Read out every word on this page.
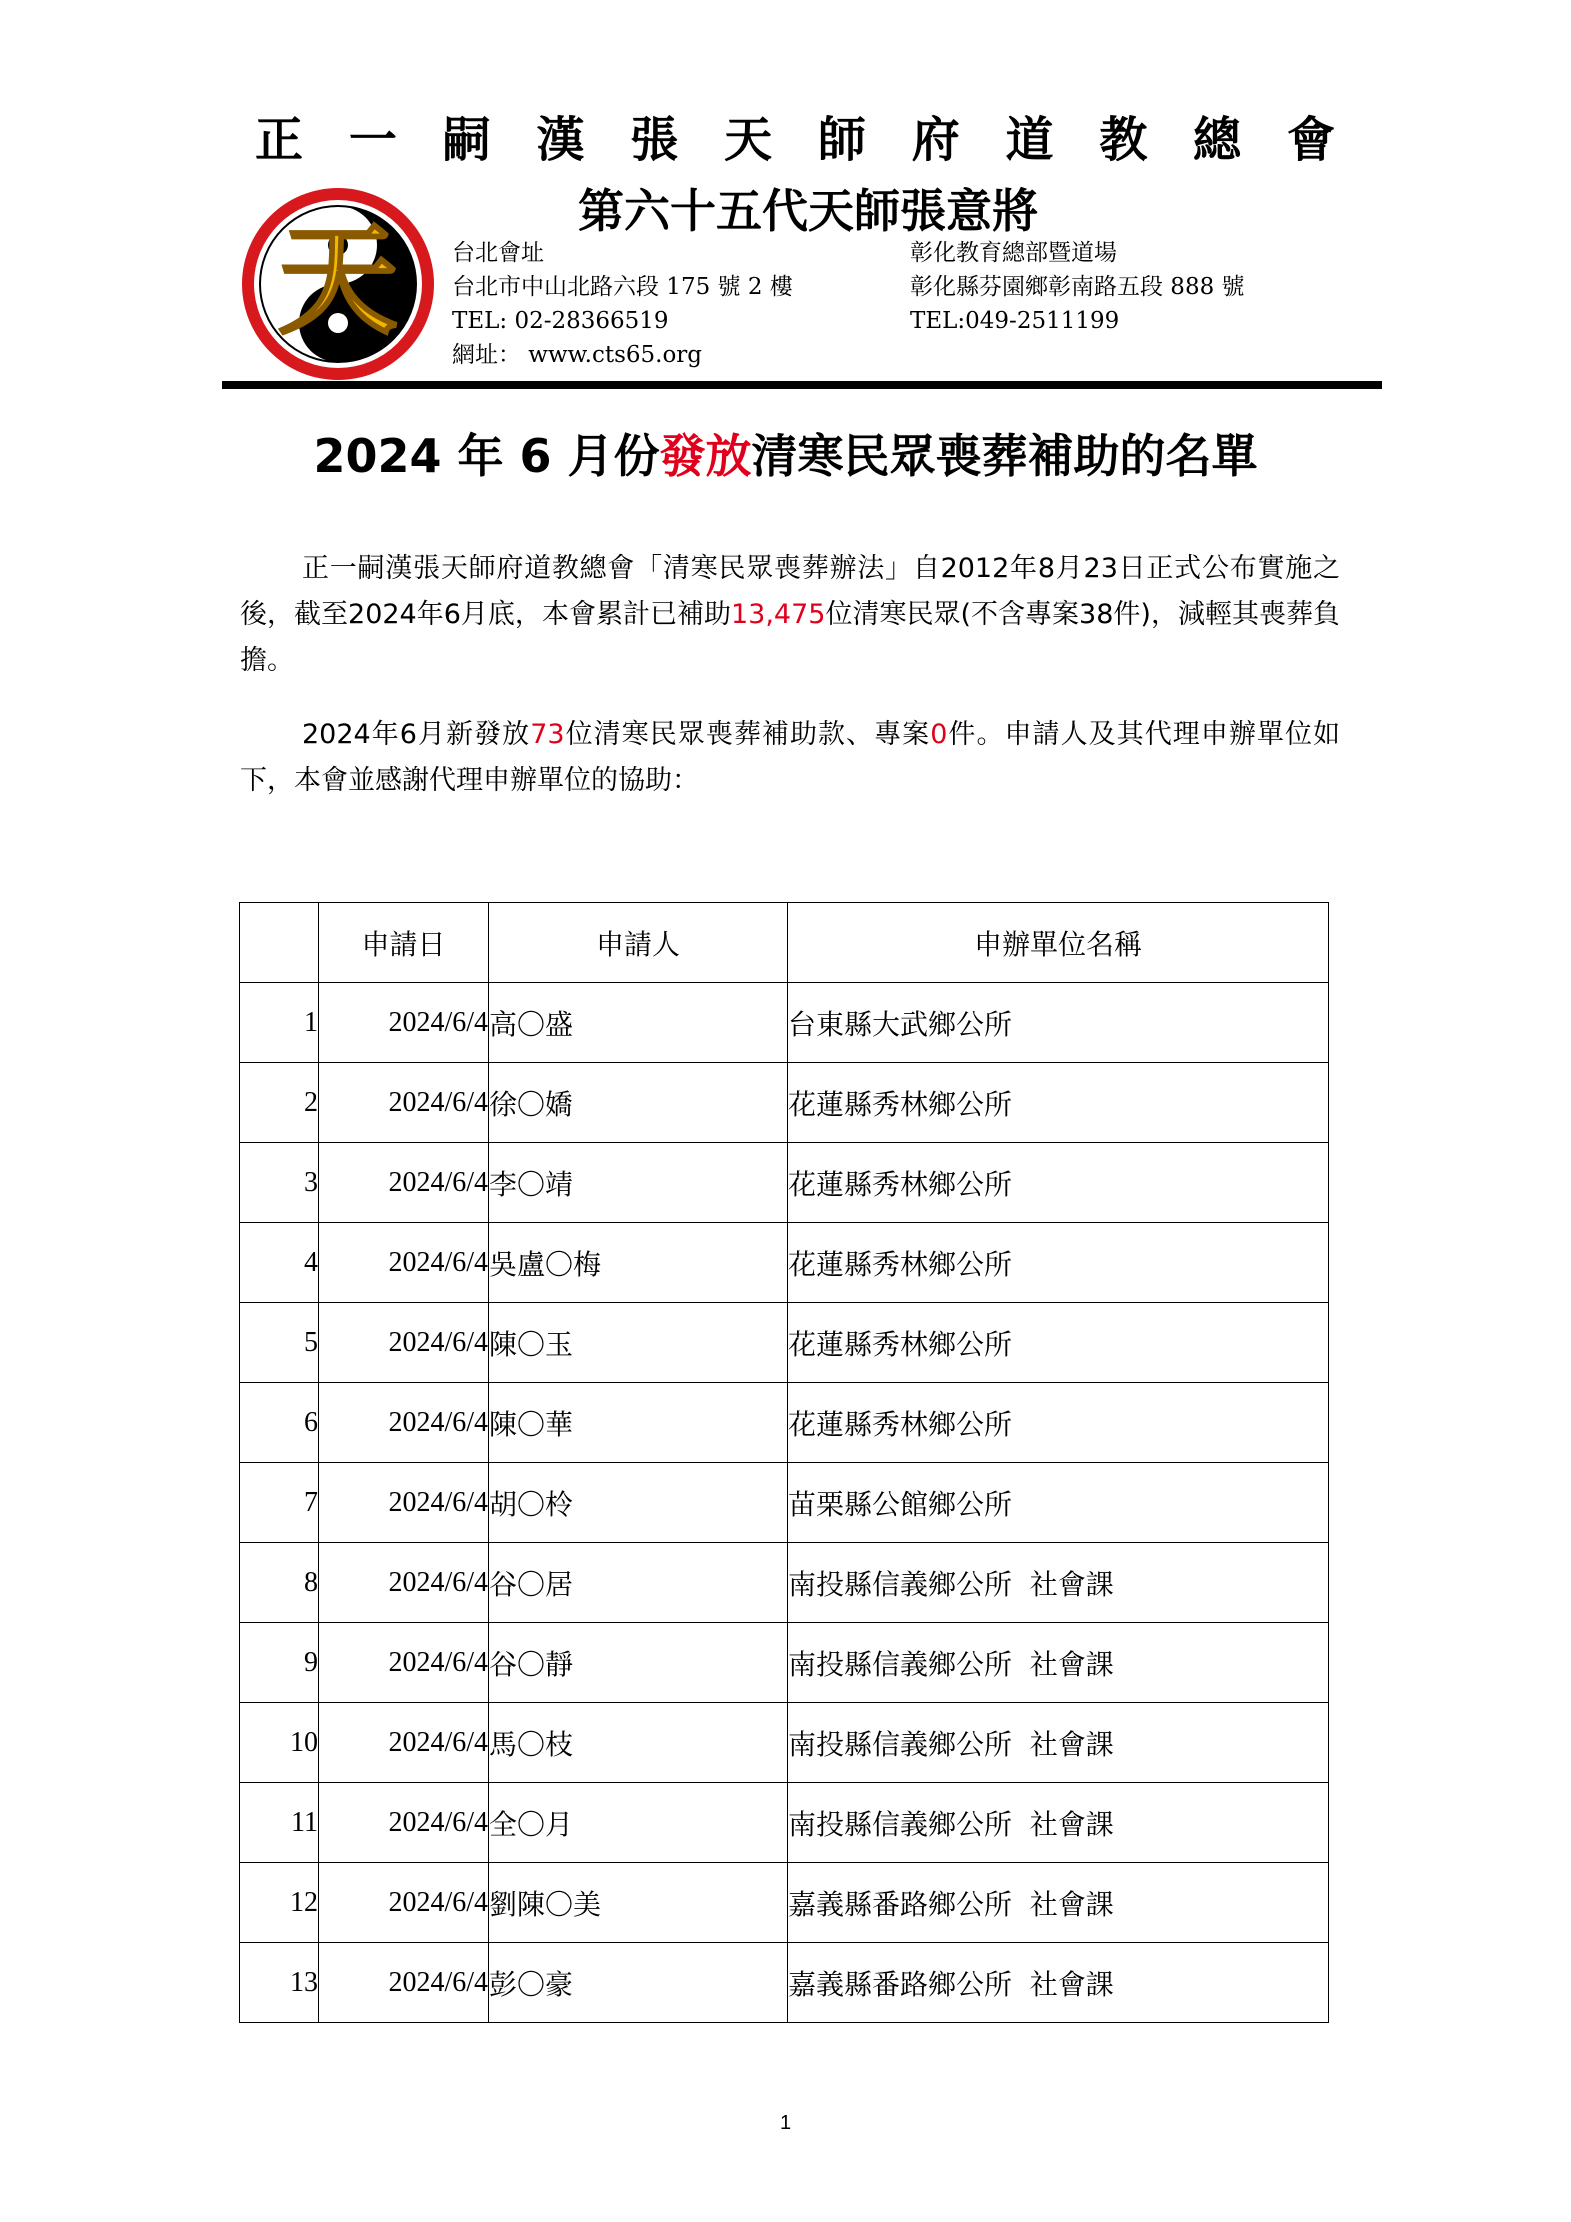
正 一 嗣 漢 張 天 師 府 道 教 總 會
天	第六十五代天師張意將
台北會址
台北市中山北路六段 175 號 2 樓
TEL: 02-28366519
網址： www.cts65.org
彰化教育總部暨道場
彰化縣芬園鄉彰南路五段 888 號
TEL:049-2511199
2024 年 6 月份發放清寒民眾喪葬補助的名單
正一嗣漢張天師府道教總會「清寒民眾喪葬辦法」自2012年8月23日正式公布實施之後，截至2024年6月底，本會累計已補助13,475位清寒民眾(不含專案38件)，減輕其喪葬負擔。
2024年6月新發放73位清寒民眾喪葬補助款、專案0件。申請人及其代理申辦單位如下，本會並感謝代理申辦單位的協助：
	申請日	申請人	申辦單位名稱
1	2024/6/4	高〇盛	台東縣大武鄉公所
2	2024/6/4	徐〇嬌	花蓮縣秀林鄉公所
3	2024/6/4	李〇靖	花蓮縣秀林鄉公所
4	2024/6/4	吳盧〇梅	花蓮縣秀林鄉公所
5	2024/6/4	陳〇玉	花蓮縣秀林鄉公所
6	2024/6/4	陳〇華	花蓮縣秀林鄉公所
7	2024/6/4	胡〇柃	苗栗縣公館鄉公所
8	2024/6/4	谷〇居	南投縣信義鄉公所  社會課
9	2024/6/4	谷〇靜	南投縣信義鄉公所  社會課
10	2024/6/4	馬〇枝	南投縣信義鄉公所  社會課
11	2024/6/4	全〇月	南投縣信義鄉公所  社會課
12	2024/6/4	劉陳〇美	嘉義縣番路鄉公所  社會課
13	2024/6/4	彭〇豪	嘉義縣番路鄉公所  社會課
1
